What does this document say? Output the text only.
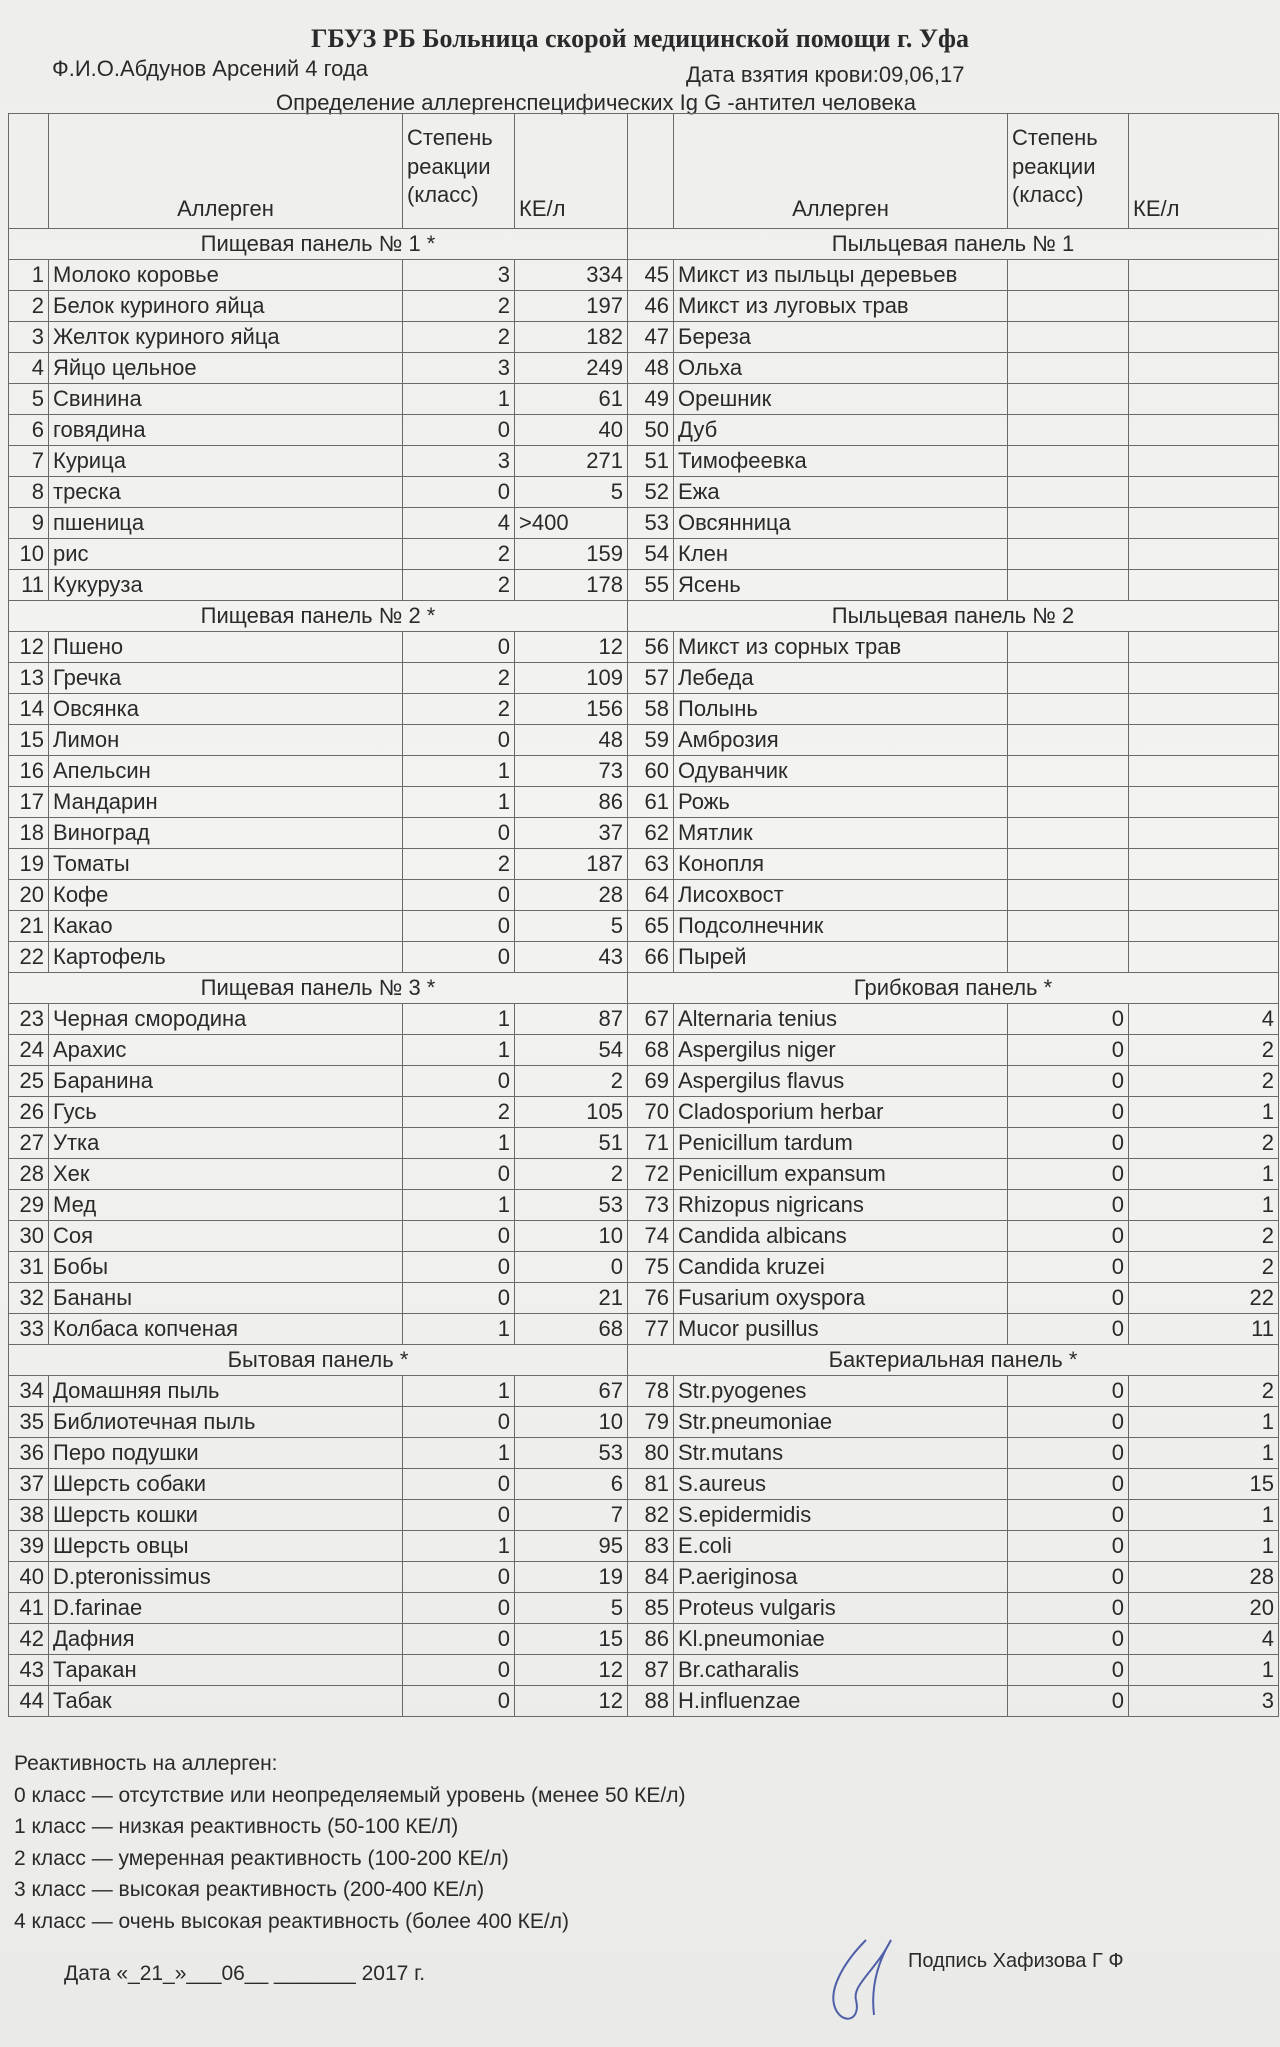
ГБУЗ РБ Больница скорой медицинской помощи г. Уфа
Ф.И.О.Абдунов Арсений 4 года	Дата взятия крови:09,06,17
Определение аллергенспецифических Ig G -антител человека
	Аллерген	Степень реакции (класс)	КЕ/л		Аллерген	Степень реакции (класс)	КЕ/л
Пищевая панель № 1 *				Пыльцевая панель № 1			
1	Молоко коровье	3	334	45	Микст из пыльцы деревьев		
2	Белок куриного яйца	2	197	46	Микст из луговых трав		
3	Желток куриного яйца	2	182	47	Береза		
4	Яйцо цельное	3	249	48	Ольха		
5	Свинина	1	61	49	Орешник		
6	говядина	0	40	50	Дуб		
7	Курица	3	271	51	Тимофеевка		
8	треска	0	5	52	Ежа		
9	пшеница	4	>400	53	Овсянница		
10	рис	2	159	54	Клен		
11	Кукуруза	2	178	55	Ясень		
Пищевая панель № 2 *				Пыльцевая панель № 2			
12	Пшено	0	12	56	Микст из сорных трав		
13	Гречка	2	109	57	Лебеда		
14	Овсянка	2	156	58	Полынь		
15	Лимон	0	48	59	Амброзия		
16	Апельсин	1	73	60	Одуванчик		
17	Мандарин	1	86	61	Рожь		
18	Виноград	0	37	62	Мятлик		
19	Томаты	2	187	63	Конопля		
20	Кофе	0	28	64	Лисохвост		
21	Какао	0	5	65	Подсолнечник		
22	Картофель	0	43	66	Пырей		
Пищевая панель № 3 *				Грибковая панель *			
23	Черная смородина	1	87	67	Alternaria tenius	0	4
24	Арахис	1	54	68	Aspergilus niger	0	2
25	Баранина	0	2	69	Aspergilus flavus	0	2
26	Гусь	2	105	70	Cladosporium herbar	0	1
27	Утка	1	51	71	Penicillum tardum	0	2
28	Хек	0	2	72	Penicillum expansum	0	1
29	Мед	1	53	73	Rhizopus nigricans	0	1
30	Соя	0	10	74	Candida albicans	0	2
31	Бобы	0	0	75	Candida kruzei	0	2
32	Бананы	0	21	76	Fusarium oxyspora	0	22
33	Колбаса копченая	1	68	77	Mucor pusillus	0	11
Бытовая панель *				Бактериальная панель *			
34	Домашняя пыль	1	67	78	Str.pyogenes	0	2
35	Библиотечная пыль	0	10	79	Str.pneumoniae	0	1
36	Перо подушки	1	53	80	Str.mutans	0	1
37	Шерсть собаки	0	6	81	S.aureus	0	15
38	Шерсть кошки	0	7	82	S.epidermidis	0	1
39	Шерсть овцы	1	95	83	E.coli	0	1
40	D.pteronissimus	0	19	84	P.aeriginosa	0	28
41	D.farinae	0	5	85	Proteus vulgaris	0	20
42	Дафния	0	15	86	Kl.pneumoniae	0	4
43	Таракан	0	12	87	Br.catharalis	0	1
44	Табак	0	12	88	H.influenzae	0	3
Реактивность на аллерген:
0 класс — отсутствие или неопределяемый уровень (менее 50 КЕ/л)
1 класс — низкая реактивность (50-100 КЕ/Л)
2 класс — умеренная реактивность (100-200 КЕ/л)
3 класс — высокая реактивность (200-400 КЕ/л)
4 класс — очень высокая реактивность (более 400 КЕ/л)
Дата «_21_»___06__ _______ 2017 г.
Подпись Хафизова Г Ф
